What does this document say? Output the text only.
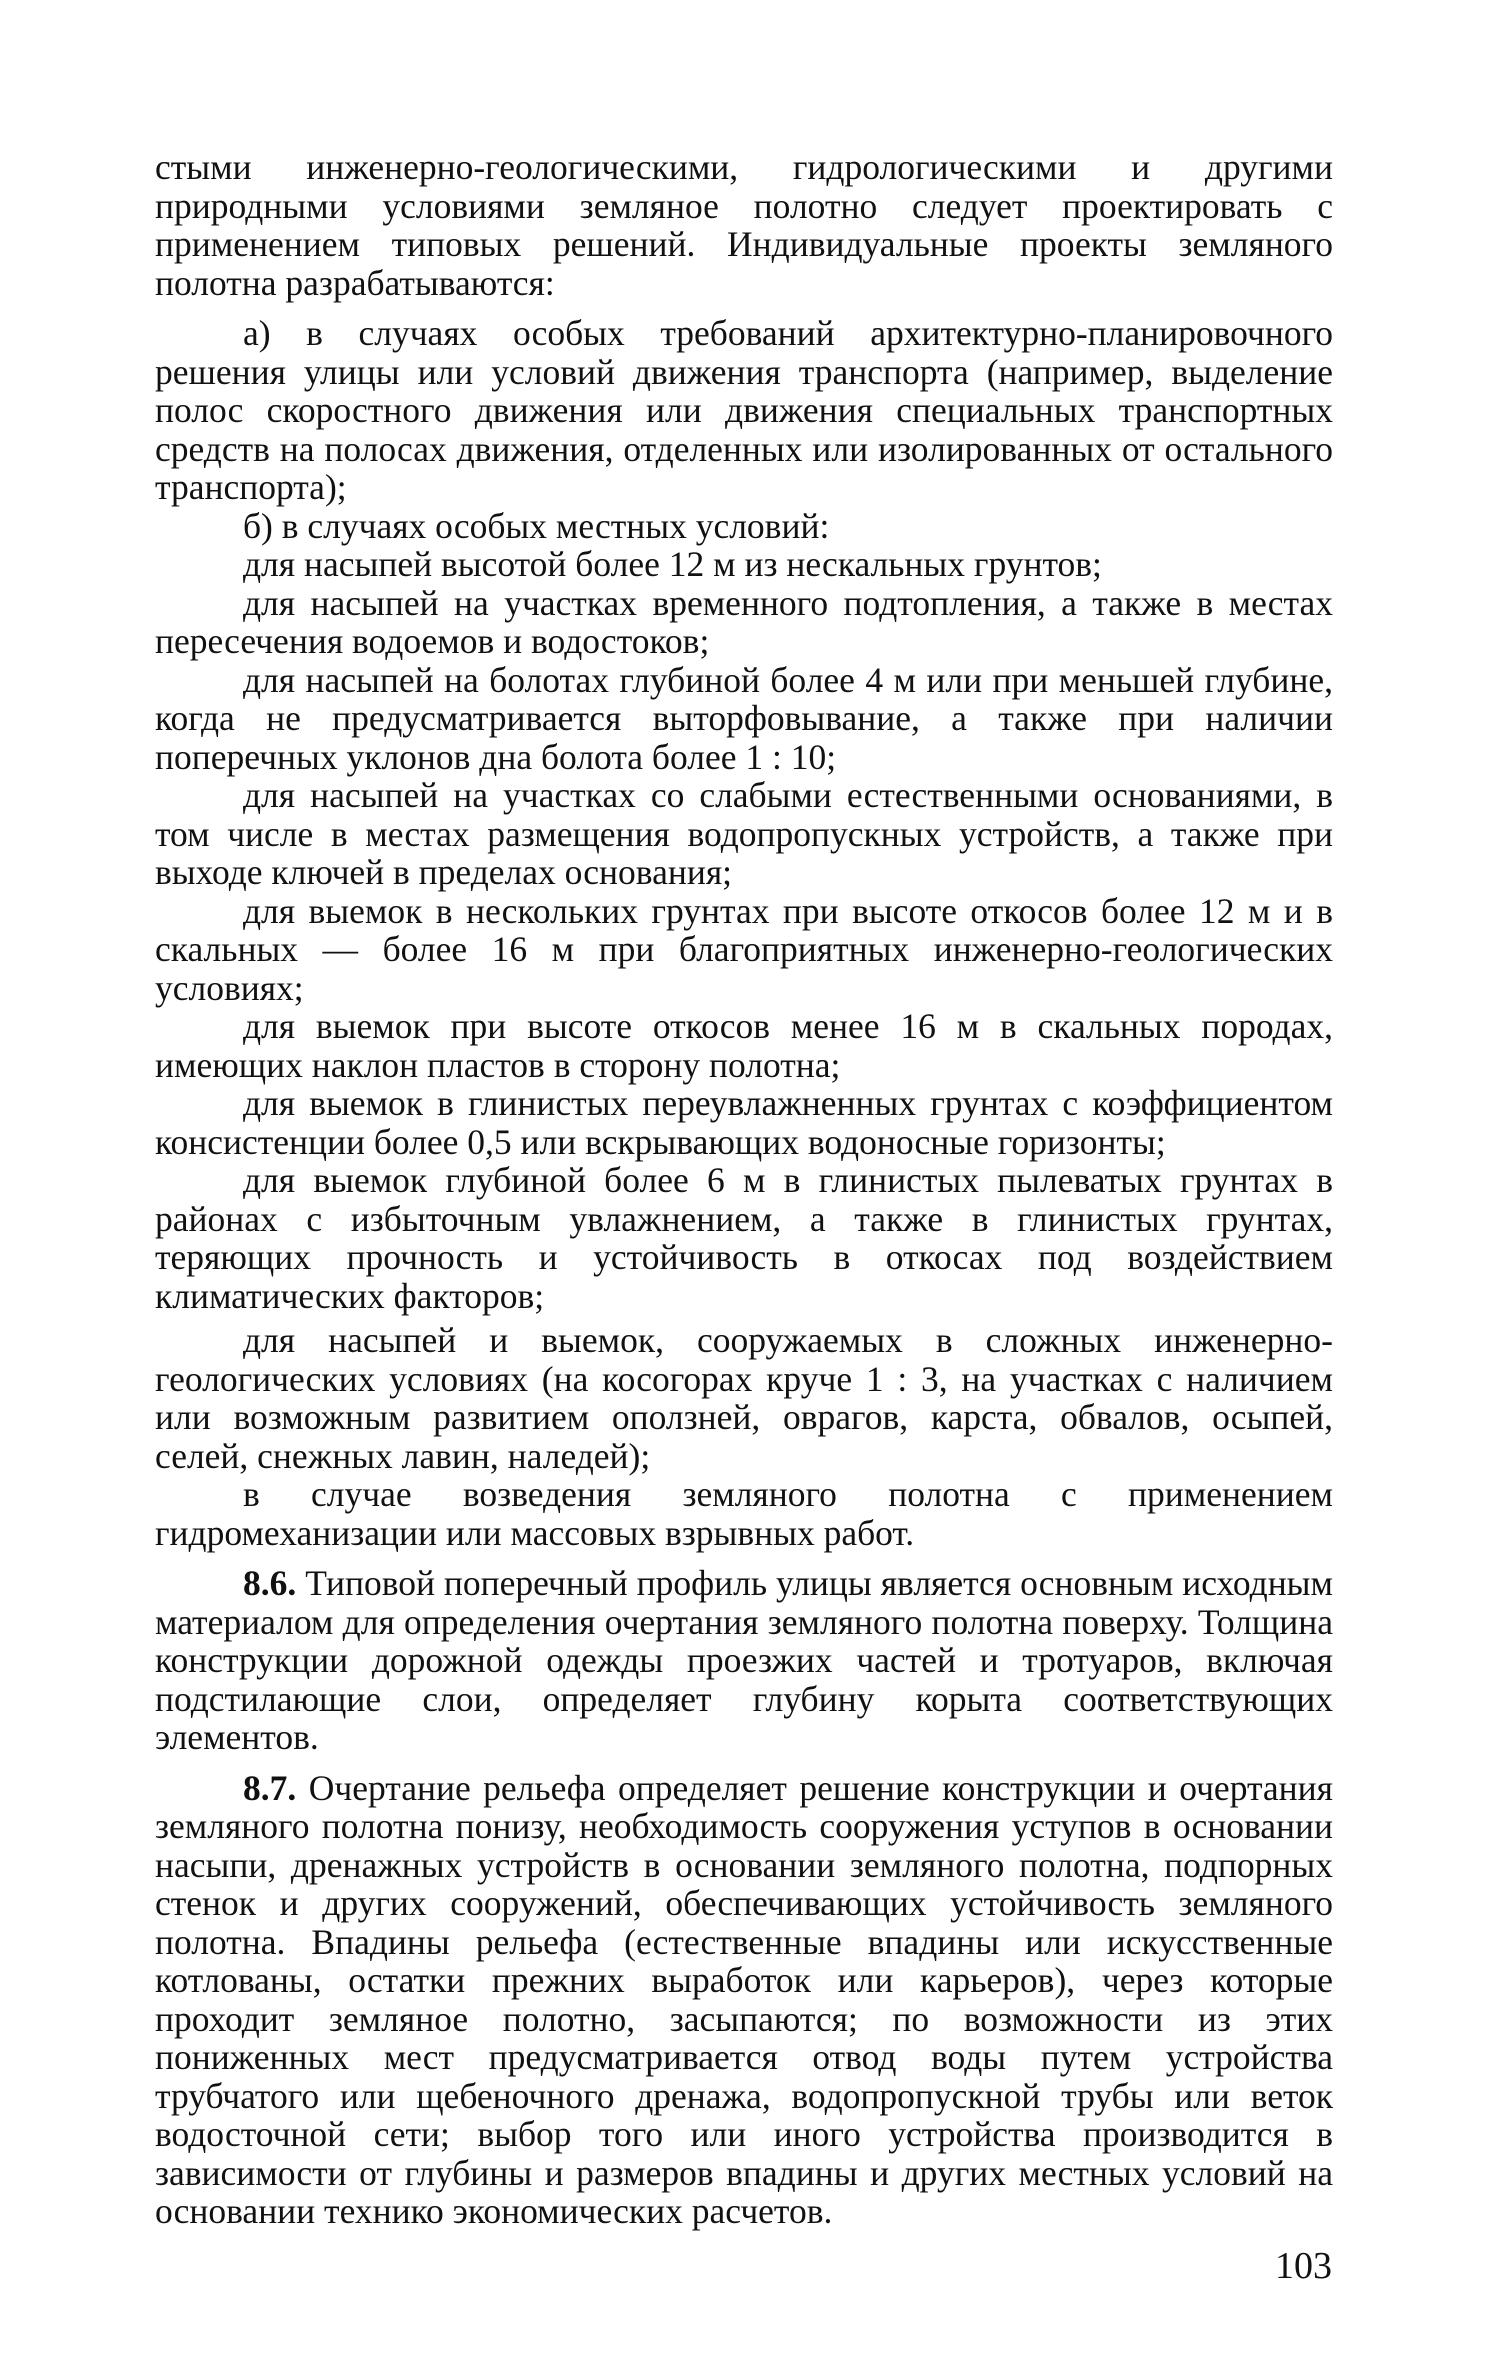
стыми инженерно-геологическими, гидрологическими и другими природными условиями земляное полотно следует проектировать с применением типовых решений. Индивидуальные проекты земляного полотна разрабатываются:

а) в случаях особых требований архитектурно-планировочного решения улицы или условий движения транспорта (например, выделение полос скоростного движения или движения специальных транспортных средств на полосах движения, отделенных или изолированных от остального транспорта);

б) в случаях особых местных условий:

для насыпей высотой более 12 м из нескальных грунтов;

для насыпей на участках временного подтопления, а также в местах пересечения водоемов и водостоков;

для насыпей на болотах глубиной более 4 м или при меньшей глубине, когда не предусматривается выторфовывание, а также при наличии поперечных уклонов дна болота более 1 : 10;

для насыпей на участках со слабыми естественными основаниями, в том числе в местах размещения водопропускных устройств, а также при выходе ключей в пределах основания;

для выемок в нескольких грунтах при высоте откосов более 12 м и в скальных — более 16 м при благоприятных инженерно-геологических условиях;

для выемок при высоте откосов менее 16 м в скальных породах, имеющих наклон пластов в сторону полотна;

для выемок в глинистых переувлажненных грунтах с коэффициентом консистенции более 0,5 или вскрывающих водоносные горизонты;

для выемок глубиной более 6 м в глинистых пылеватых грунтах в районах с избыточным увлажнением, а также в глинистых грунтах, теряющих прочность и устойчивость в откосах под воздействием климатических факторов;

для насыпей и выемок, сооружаемых в сложных инженерно-геологических условиях (на косогорах круче 1 : 3, на участках с наличием или возможным развитием оползней, оврагов, карста, обвалов, осыпей, селей, снежных лавин, наледей);

в случае возведения земляного полотна с применением гидромеханизации или массовых взрывных работ.

8.6. Типовой поперечный профиль улицы является основным исходным материалом для определения очертания земляного полотна поверху. Толщина конструкции дорожной одежды проезжих частей и тротуаров, включая подстилающие слои, определяет глубину корыта соответствующих элементов.

8.7. Очертание рельефа определяет решение конструкции и очертания земляного полотна понизу, необходимость сооружения уступов в основании насыпи, дренажных устройств в основании земляного полотна, подпорных стенок и других сооружений, обеспечивающих устойчивость земляного полотна. Впадины рельефа (естественные впадины или искусственные котлованы, остатки прежних выработок или карьеров), через которые проходит земляное полотно, засыпаются; по возможности из этих пониженных мест предусматривается отвод воды путем устройства трубчатого или щебеночного дренажа, водопропускной трубы или веток водосточной сети; выбор того или иного устройства производится в зависимости от глубины и размеров впадины и других местных условий на основании технико экономических расчетов.

103
